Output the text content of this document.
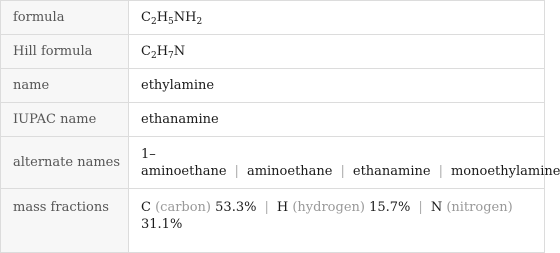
formula	$C_2H_5NH_2$
Hill formula	$C_2H_7N$
name	ethylamine
IUPAC name	ethanamine
alternate names	1–aminoethane | aminoethane | ethanamine | monoethylamine
mass fractions	C (carbon) 53.3% | H (hydrogen) 15.7% | N (nitrogen) 31.1%
